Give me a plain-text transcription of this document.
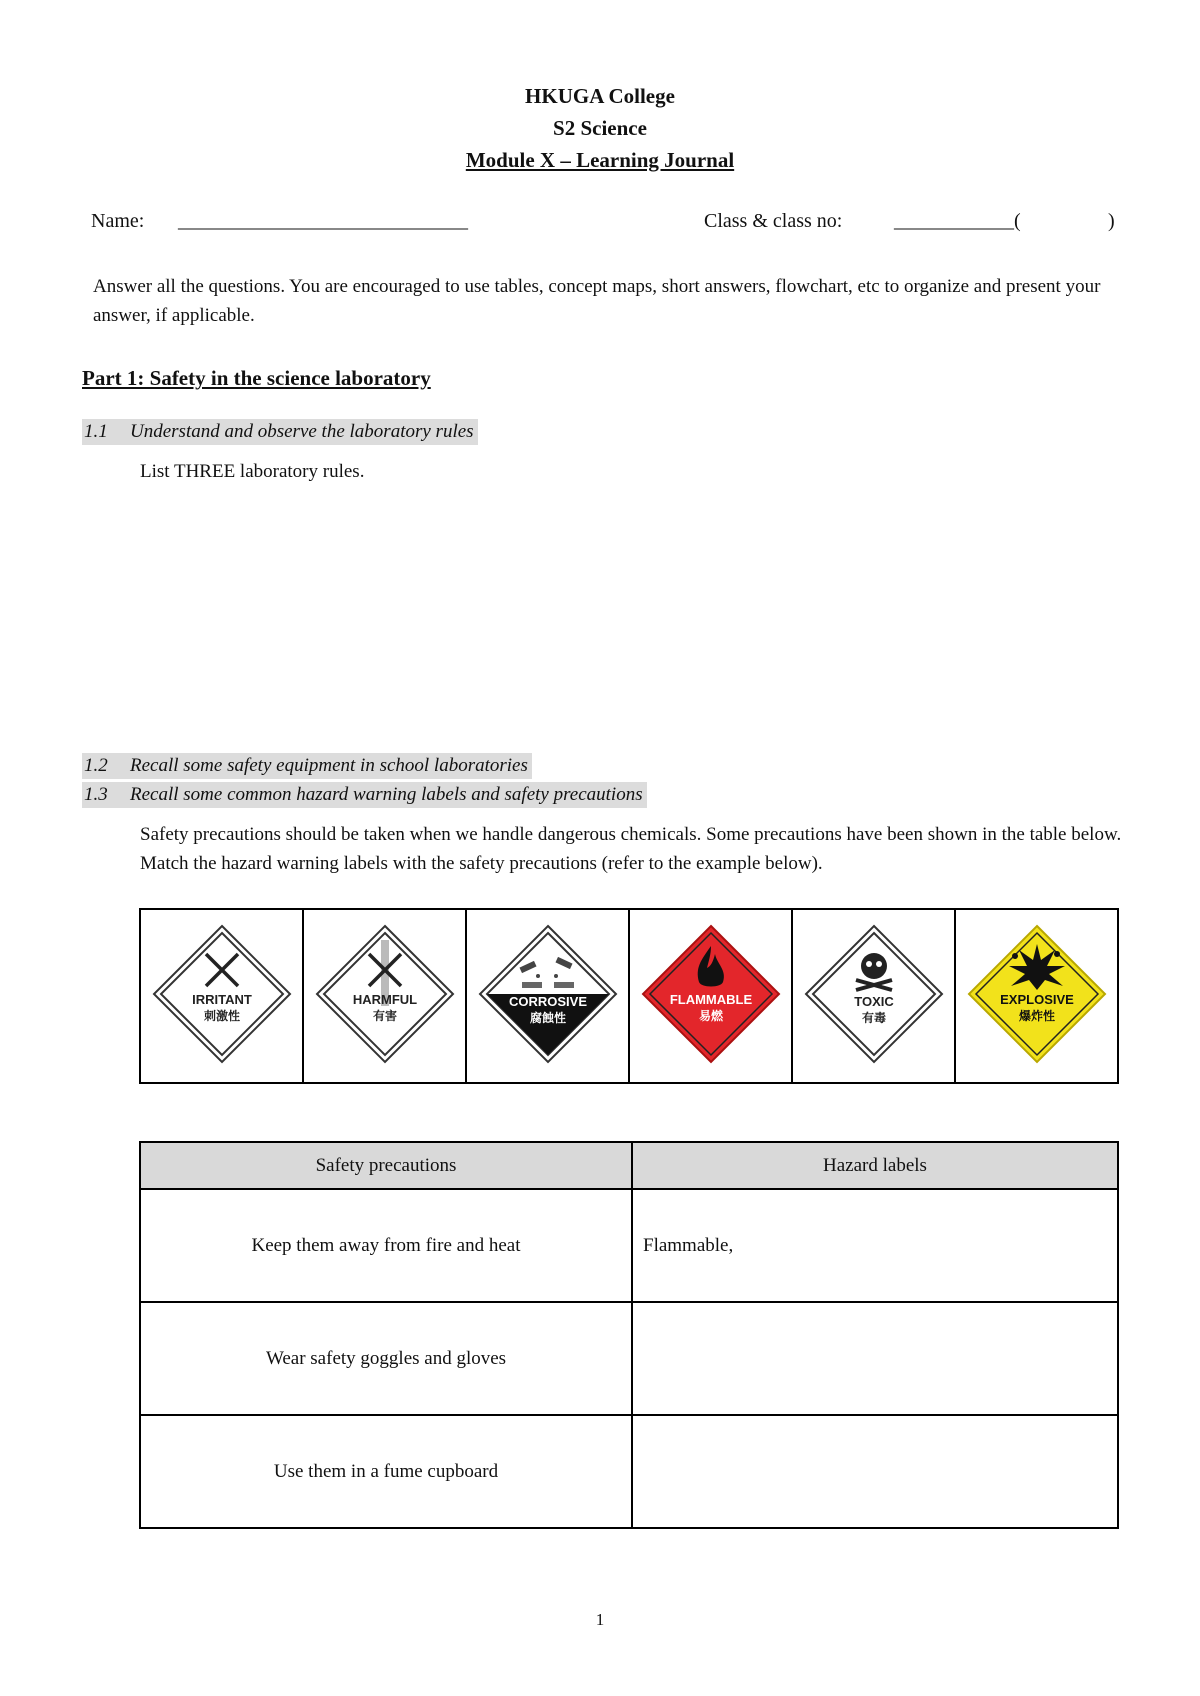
HKUGA College
S2 Science
Module X – Learning Journal
Name: _____________________________	Class & class no:	____________(	)
Answer all the questions. You are encouraged to use tables, concept maps, short answers, flowchart, etc to organize and present your answer, if applicable.
Part 1: Safety in the science laboratory
1.1 Understand and observe the laboratory rules
List THREE laboratory rules.
1.2 Recall some safety equipment in school laboratories
1.3 Recall some common hazard warning labels and safety precautions
Safety precautions should be taken when we handle dangerous chemicals. Some precautions have been shown in the table below. Match the hazard warning labels with the safety precautions (refer to the example below).
IRRITANT
刺激性

HARMFUL
有害

CORROSIVE
腐蝕性

FLAMMABLE
易燃

TOXIC
有毒

EXPLOSIVE
爆炸性
Safety precautions	Hazard labels
Keep them away from fire and heat	Flammable,
Wear safety goggles and gloves	
Use them in a fume cupboard	
1
